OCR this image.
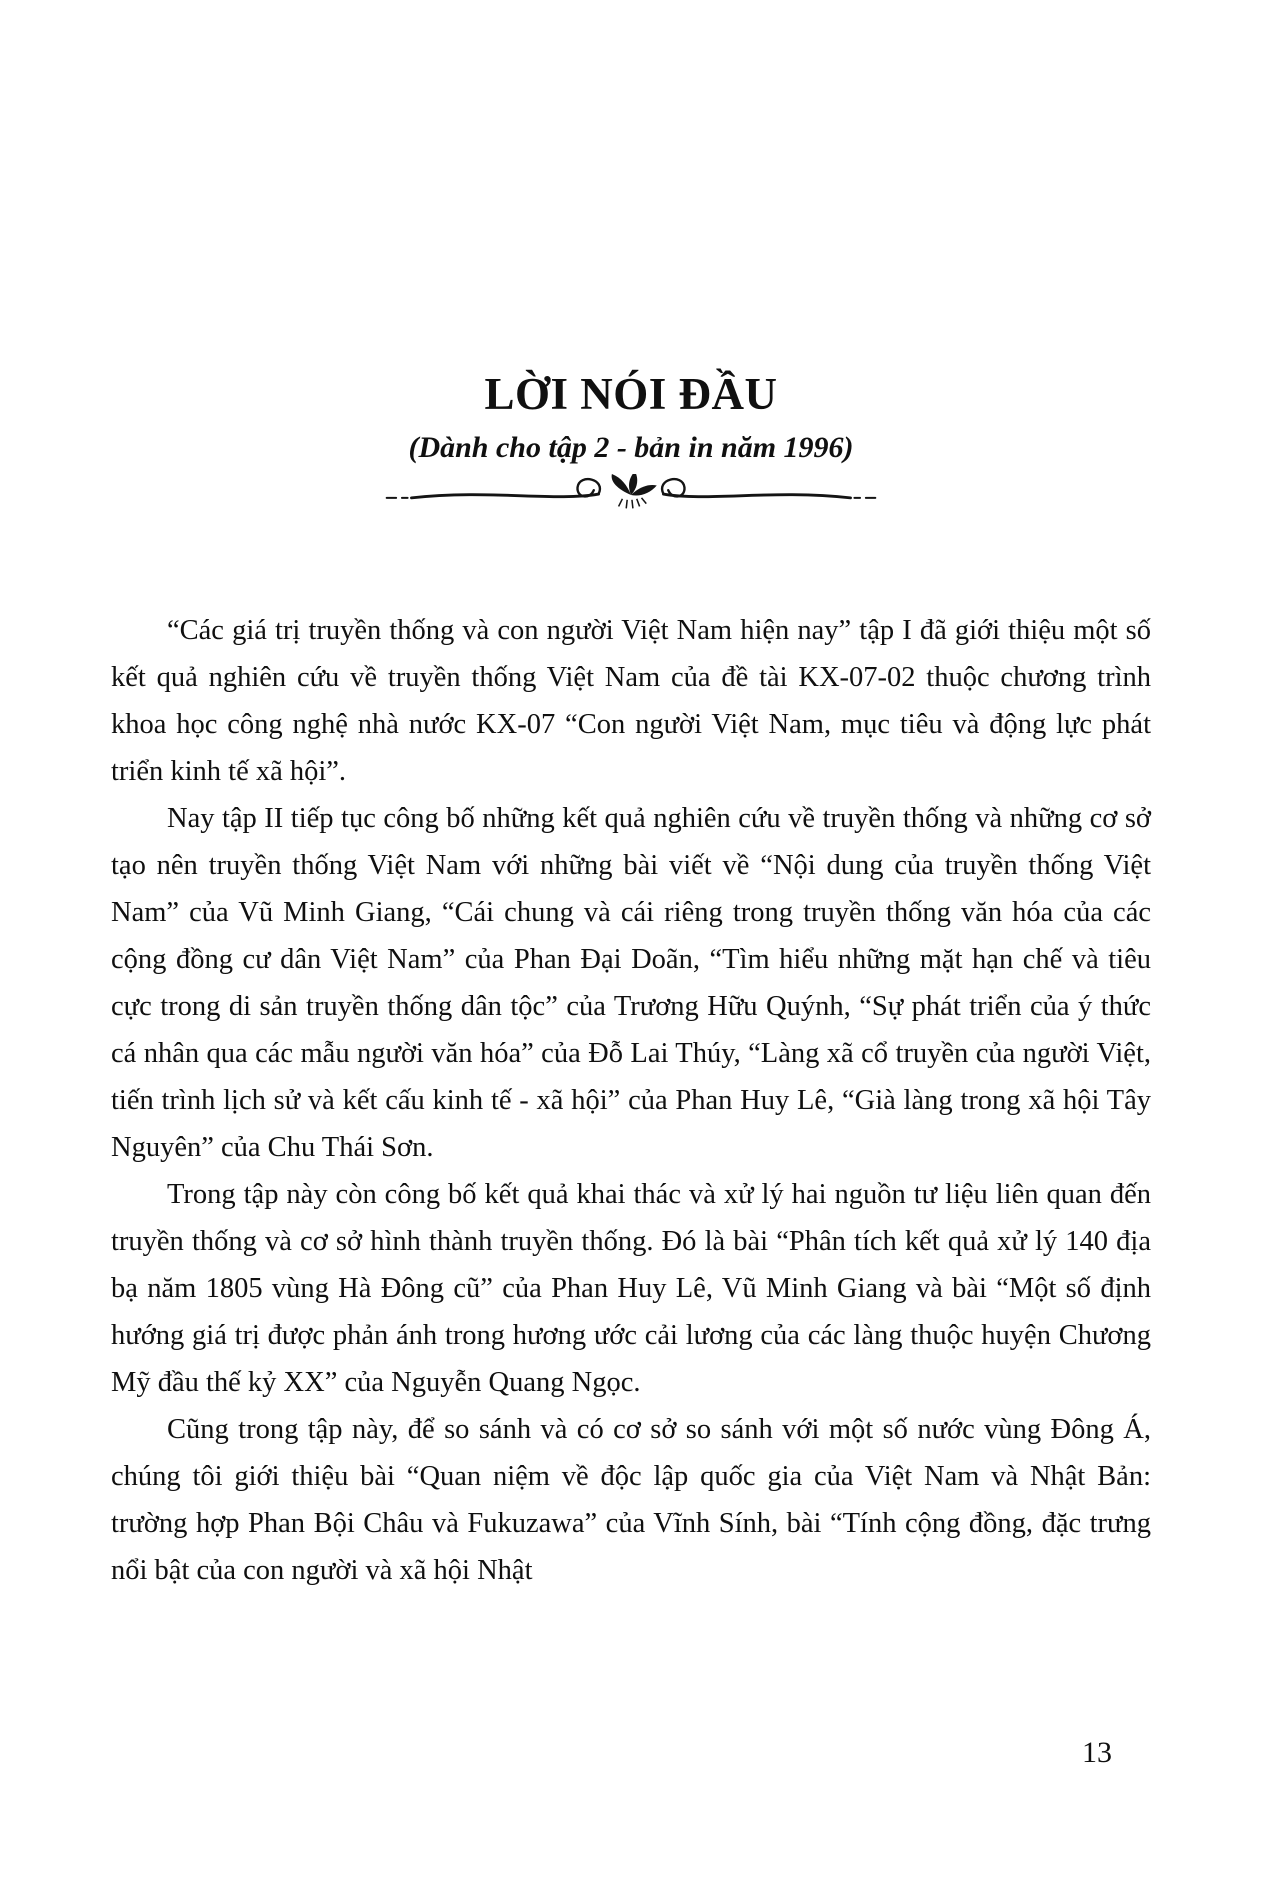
LỜI NÓI ĐẦU
(Dành cho tập 2 - bản in năm 1996)

“Các giá trị truyền thống và con người Việt Nam hiện nay” tập I đã giới thiệu một số kết quả nghiên cứu về truyền thống Việt Nam của đề tài KX-07-02 thuộc chương trình khoa học công nghệ nhà nước KX-07 “Con người Việt Nam, mục tiêu và động lực phát triển kinh tế xã hội”.

Nay tập II tiếp tục công bố những kết quả nghiên cứu về truyền thống và những cơ sở tạo nên truyền thống Việt Nam với những bài viết về “Nội dung của truyền thống Việt Nam” của Vũ Minh Giang, “Cái chung và cái riêng trong truyền thống văn hóa của các cộng đồng cư dân Việt Nam” của Phan Đại Doãn, “Tìm hiểu những mặt hạn chế và tiêu cực trong di sản truyền thống dân tộc” của Trương Hữu Quýnh, “Sự phát triển của ý thức cá nhân qua các mẫu người văn hóa” của Đỗ Lai Thúy, “Làng xã cổ truyền của người Việt, tiến trình lịch sử và kết cấu kinh tế - xã hội” của Phan Huy Lê, “Già làng trong xã hội Tây Nguyên” của Chu Thái Sơn.

Trong tập này còn công bố kết quả khai thác và xử lý hai nguồn tư liệu liên quan đến truyền thống và cơ sở hình thành truyền thống. Đó là bài “Phân tích kết quả xử lý 140 địa bạ năm 1805 vùng Hà Đông cũ” của Phan Huy Lê, Vũ Minh Giang và bài “Một số định hướng giá trị được phản ánh trong hương ước cải lương của các làng thuộc huyện Chương Mỹ đầu thế kỷ XX” của Nguyễn Quang Ngọc.

Cũng trong tập này, để so sánh và có cơ sở so sánh với một số nước vùng Đông Á, chúng tôi giới thiệu bài “Quan niệm về độc lập quốc gia của Việt Nam và Nhật Bản: trường hợp Phan Bội Châu và Fukuzawa” của Vĩnh Sính, bài “Tính cộng đồng, đặc trưng nổi bật của con người và xã hội Nhật

13
